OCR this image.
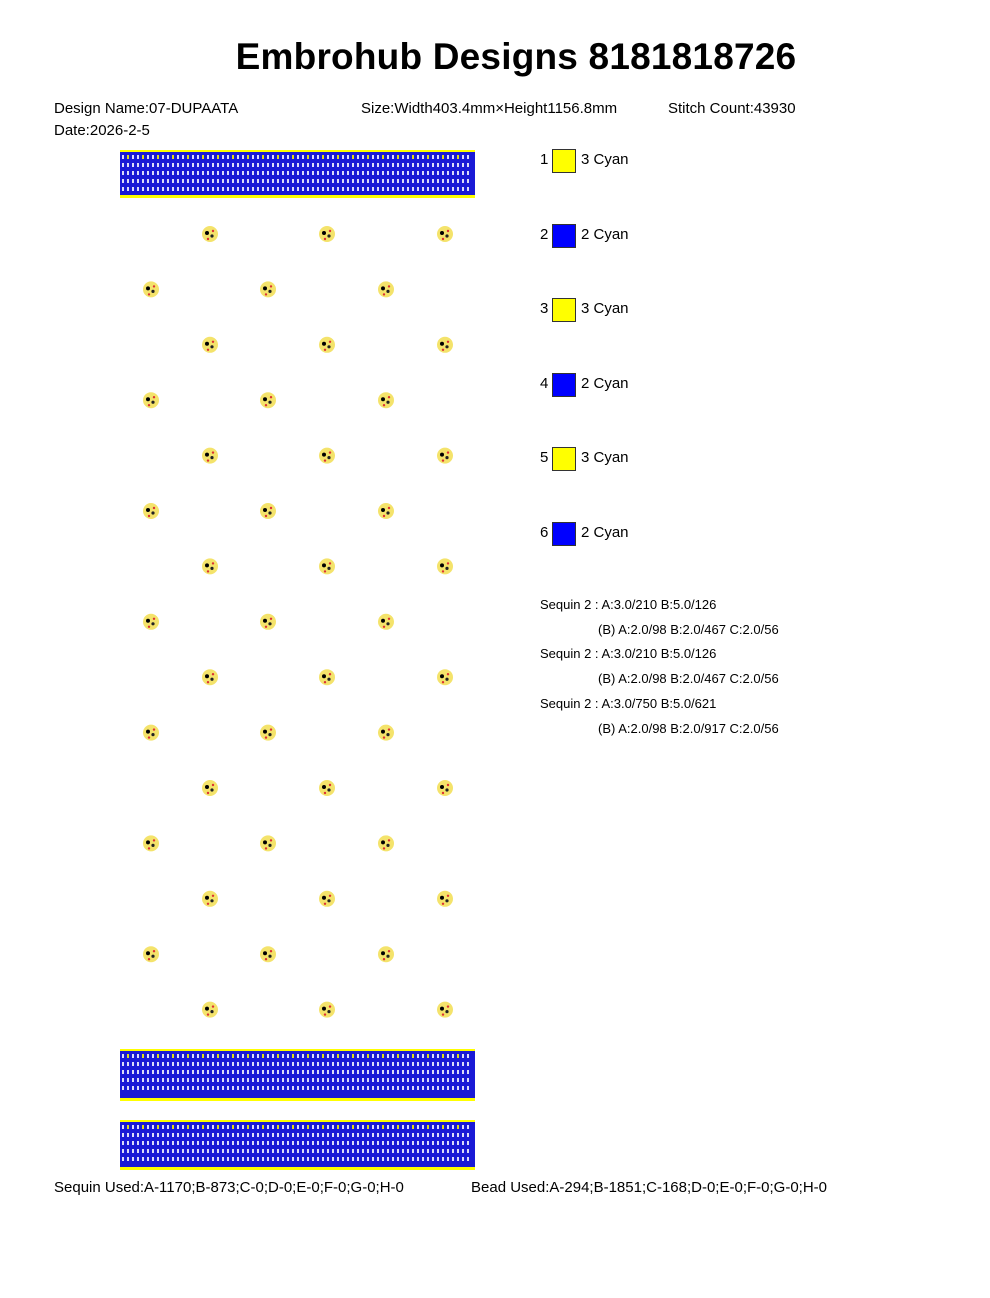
Embrohub Designs 8181818726
Design Name:07-DUPAATA	Size:Width403.4mm×Height1156.8mm	Stitch Count:43930
Date:2026-2-5
1 3 Cyan
2 2 Cyan
3 3 Cyan
4 2 Cyan
5 3 Cyan
6 2 Cyan
Sequin 2 : A:3.0/210 B:5.0/126
(B) A:2.0/98 B:2.0/467 C:2.0/56
Sequin 2 : A:3.0/210 B:5.0/126
(B) A:2.0/98 B:2.0/467 C:2.0/56
Sequin 2 : A:3.0/750 B:5.0/621
(B) A:2.0/98 B:2.0/917 C:2.0/56
Sequin Used:A-1170;B-873;C-0;D-0;E-0;F-0;G-0;H-0	Bead Used:A-294;B-1851;C-168;D-0;E-0;F-0;G-0;H-0
